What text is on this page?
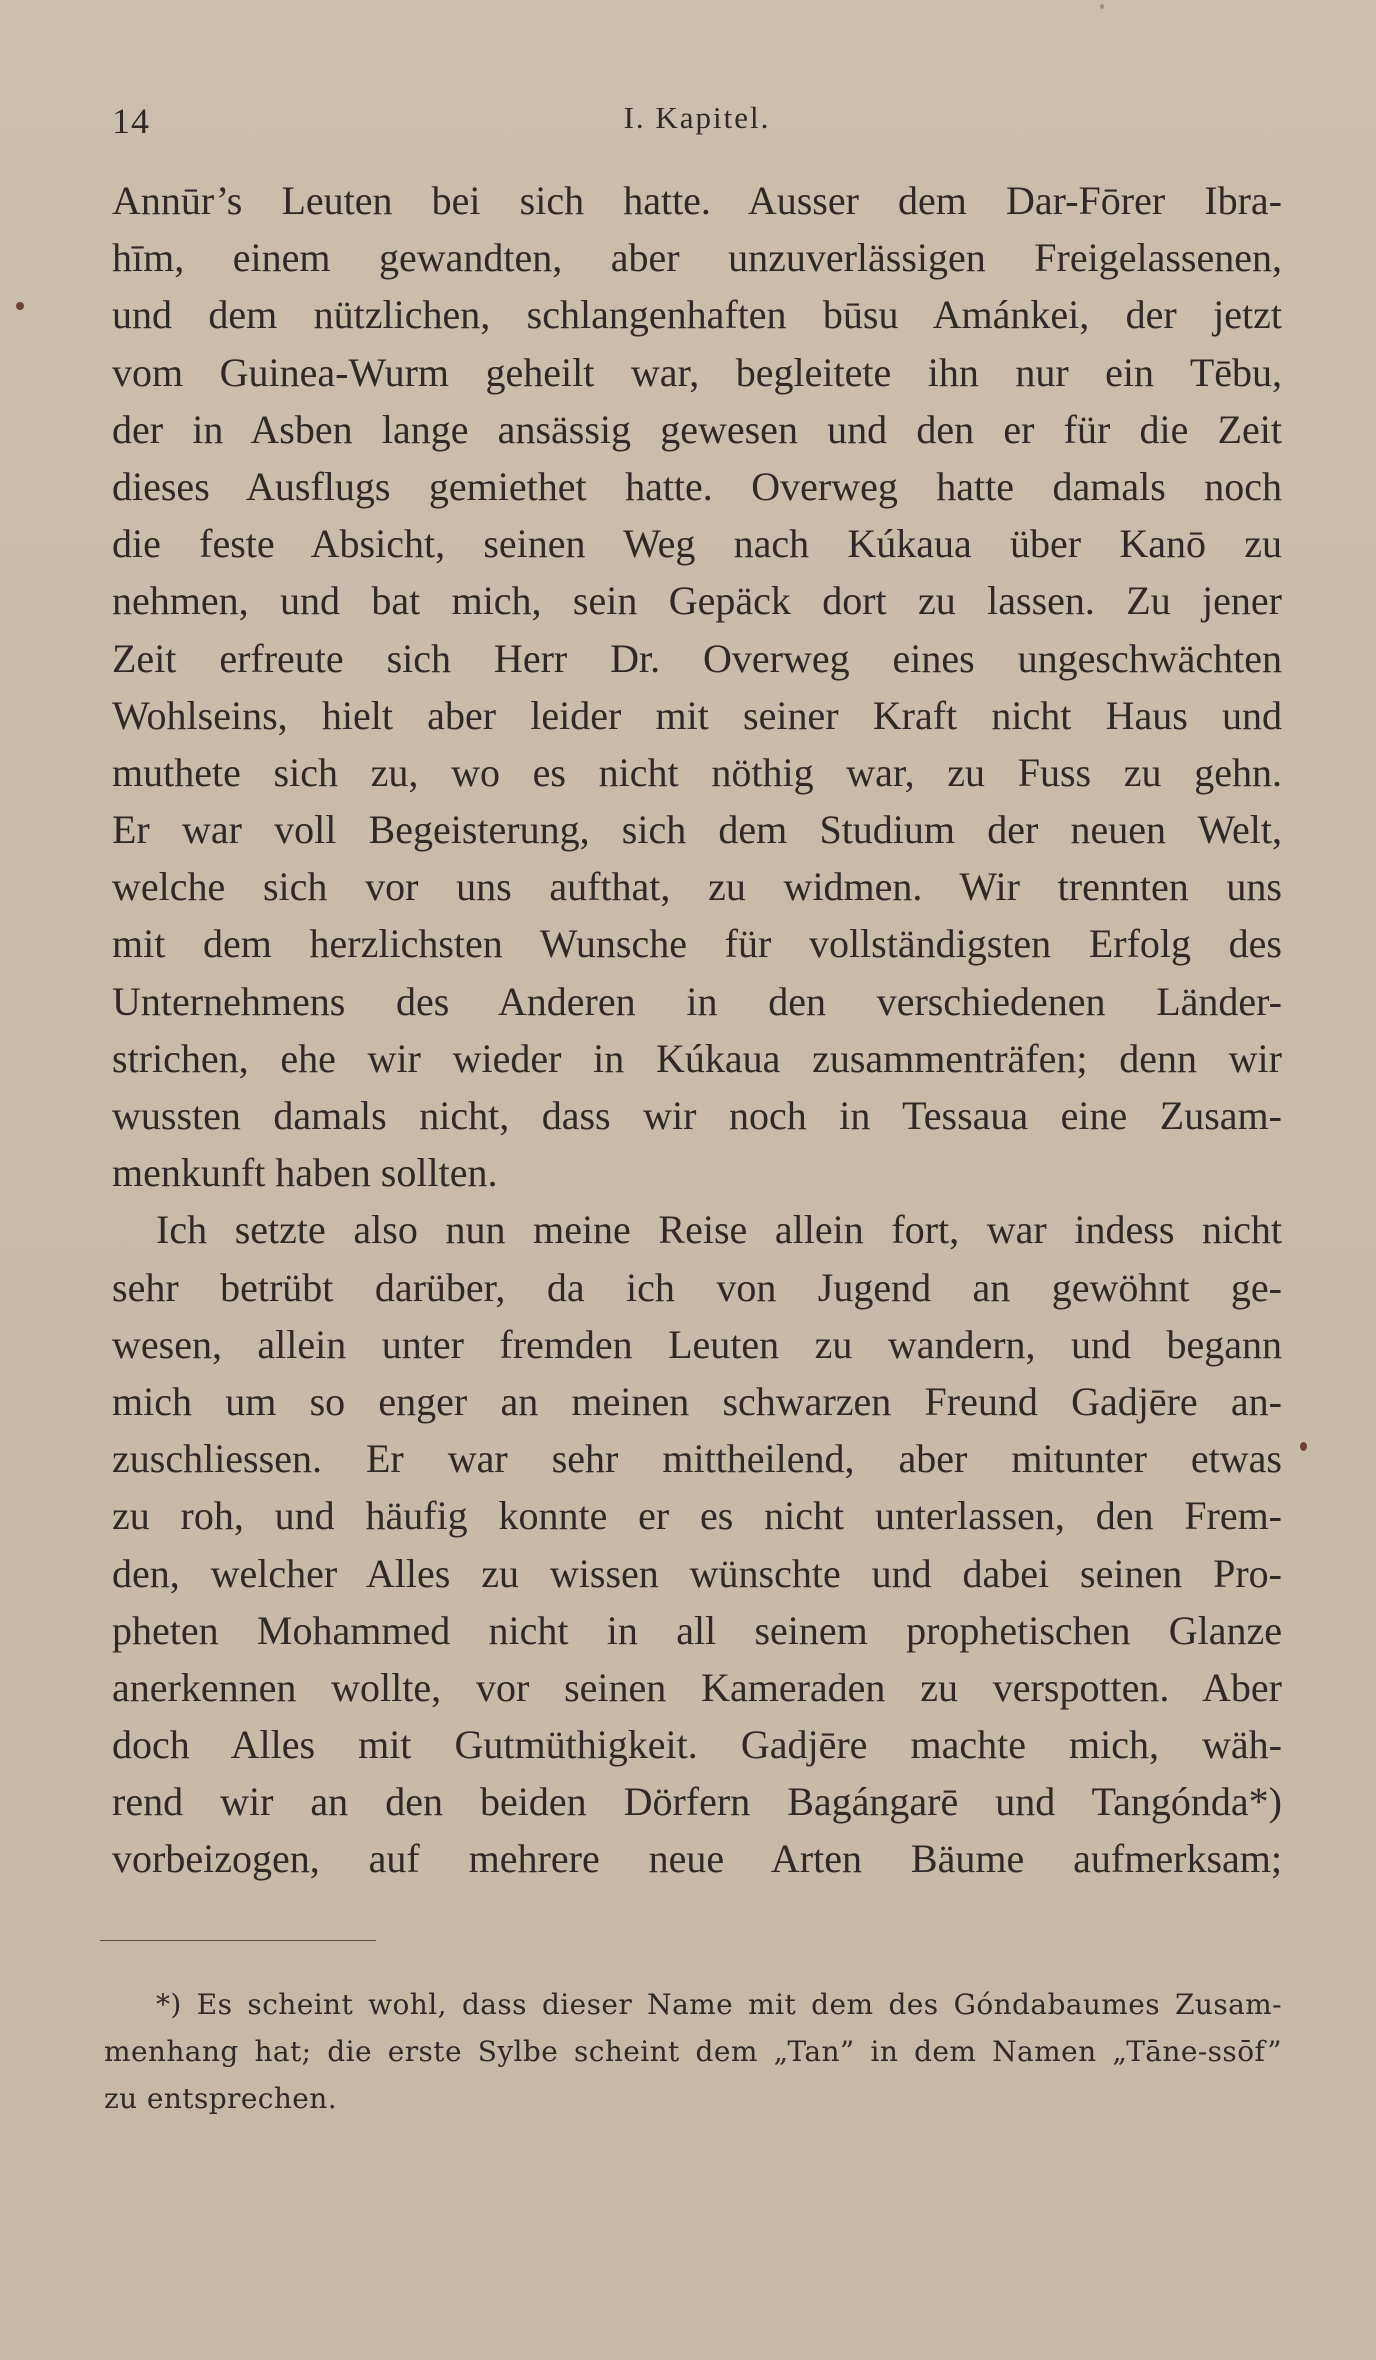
14	I. Kapitel.
Annūr’s Leuten bei sich hatte. Ausser dem Dar-Fōrer Ibra-
hīm, einem gewandten, aber unzuverlässigen Freigelassenen,
und dem nützlichen, schlangenhaften būsu Amánkei, der jetzt
vom Guinea-Wurm geheilt war, begleitete ihn nur ein Tēbu,
der in Asben lange ansässig gewesen und den er für die Zeit
dieses Ausflugs gemiethet hatte. Overweg hatte damals noch
die feste Absicht, seinen Weg nach Kúkaua über Kanō zu
nehmen, und bat mich, sein Gepäck dort zu lassen. Zu jener
Zeit erfreute sich Herr Dr. Overweg eines ungeschwächten
Wohlseins, hielt aber leider mit seiner Kraft nicht Haus und
muthete sich zu, wo es nicht nöthig war, zu Fuss zu gehn.
Er war voll Begeisterung, sich dem Studium der neuen Welt,
welche sich vor uns aufthat, zu widmen. Wir trennten uns
mit dem herzlichsten Wunsche für vollständigsten Erfolg des
Unternehmens des Anderen in den verschiedenen Länder-
strichen, ehe wir wieder in Kúkaua zusammenträfen; denn wir
wussten damals nicht, dass wir noch in Tessaua eine Zusam-
menkunft haben sollten.
Ich setzte also nun meine Reise allein fort, war indess nicht
sehr betrübt darüber, da ich von Jugend an gewöhnt ge-
wesen, allein unter fremden Leuten zu wandern, und begann
mich um so enger an meinen schwarzen Freund Gadjēre an-
zuschliessen. Er war sehr mittheilend, aber mitunter etwas
zu roh, und häufig konnte er es nicht unterlassen, den Frem-
den, welcher Alles zu wissen wünschte und dabei seinen Pro-
pheten Mohammed nicht in all seinem prophetischen Glanze
anerkennen wollte, vor seinen Kameraden zu verspotten. Aber
doch Alles mit Gutmüthigkeit. Gadjēre machte mich, wäh-
rend wir an den beiden Dörfern Bagángarē und Tangónda*)
vorbeizogen, auf mehrere neue Arten Bäume aufmerksam;
*) Es scheint wohl, dass dieser Name mit dem des Góndabaumes Zusam-
menhang hat; die erste Sylbe scheint dem „Tan” in dem Namen „Tāne-ssōf”
zu entsprechen.
